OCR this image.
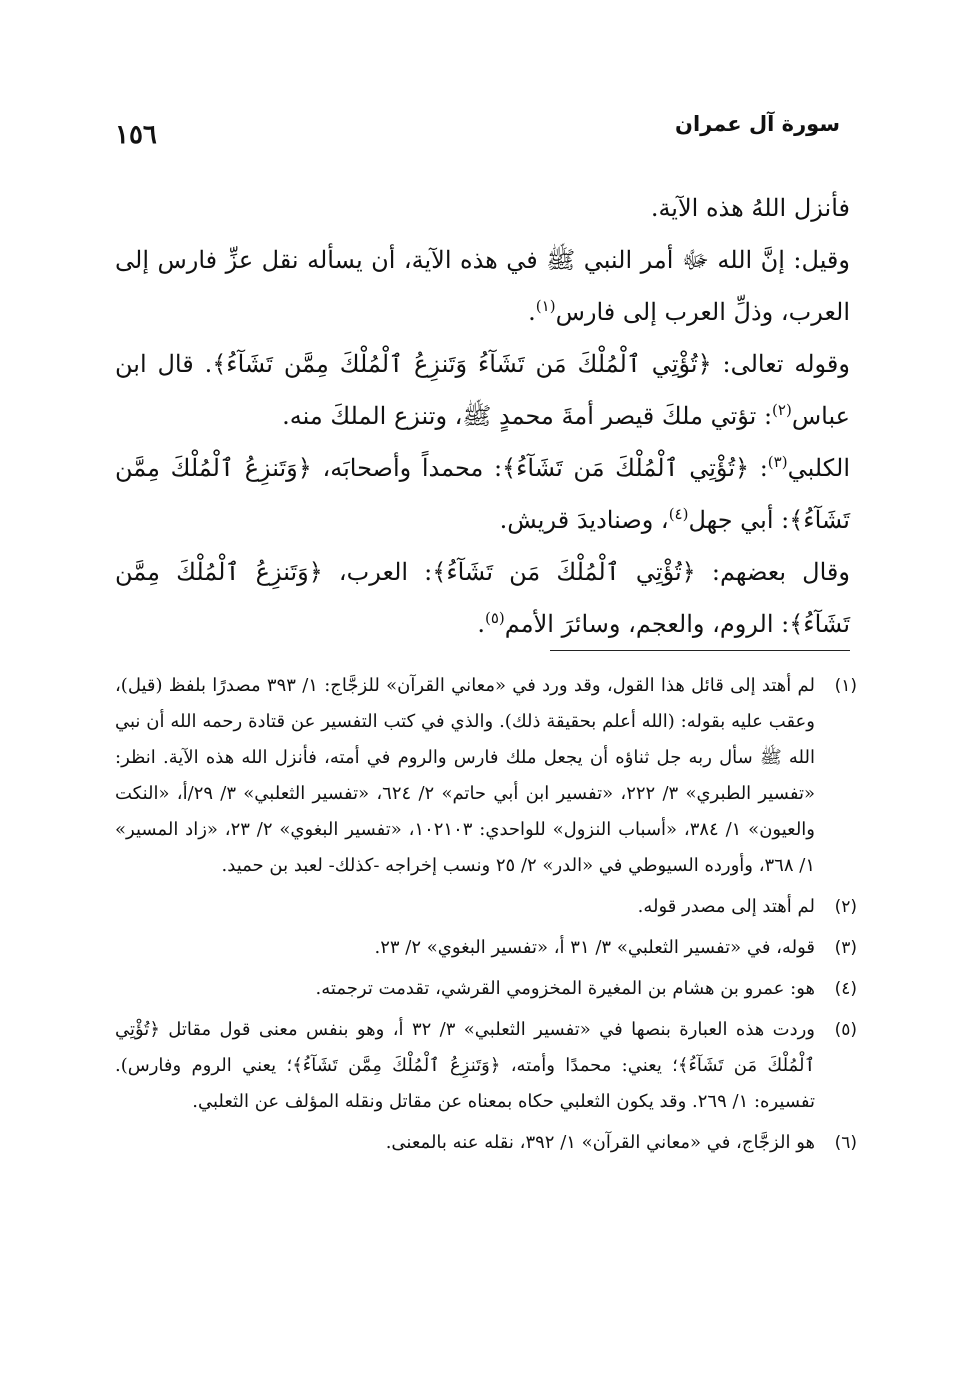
سورة آل عمران
١٥٦

فأنزل اللهُ هذه الآية.

وقيل: إنَّ الله ﷻ أمر النبي ﷺ في هذه الآية، أن يسأله نقل عزِّ فارس إلى العرب، وذلِّ العرب إلى فارس$^{(١)}$.

وقوله تعالى: ﴿تُؤْتِي ٱلْمُلْكَ مَن تَشَآءُ وَتَنزِعُ ٱلْمُلْكَ مِمَّن تَشَآءُ﴾. قال ابن عباس$^{(٢)}$: تؤتي ملكَ قيصر أمةَ محمدٍ ﷺ، وتنزع الملكَ منه.

الكلبي$^{(٣)}$: ﴿تُؤْتِي ٱلْمُلْكَ مَن تَشَآءُ﴾: محمداً وأصحابَه، ﴿وَتَنزِعُ ٱلْمُلْكَ مِمَّن تَشَآءُ﴾: أبي جهل$^{(٤)}$، وصناديدَ قريش.

وقال بعضهم: ﴿تُؤْتِي ٱلْمُلْكَ مَن تَشَآءُ﴾: العرب، ﴿وَتَنزِعُ ٱلْمُلْكَ مِمَّن تَشَآءُ﴾: الروم، والعجم، وسائرَ الأمم$^{(٥)}$.

(١)
لم أهتد إلى قائل هذا القول، وقد ورد في «معاني القرآن» للزجَّاج: ١/ ٣٩٣ مصدرًا بلفظ (قيل)، وعقب عليه بقوله: (الله أعلم بحقيقة ذلك). والذي في كتب التفسير عن قتادة رحمه الله أن نبي الله ﷺ سأل ربه جل ثناؤه أن يجعل ملك فارس والروم في أمته، فأنزل الله هذه الآية. انظر: «تفسير الطبري» ٣/ ٢٢٢، «تفسير ابن أبي حاتم» ٢/ ٦٢٤، «تفسير الثعلبي» ٣/ ٢٩/أ، «النكت والعيون» ١/ ٣٨٤، «أسباب النزول» للواحدي: ١٠٢١٠٣، «تفسير البغوي» ٢/ ٢٣، «زاد المسير» ١/ ٣٦٨، وأورده السيوطي في «الدر» ٢/ ٢٥ ونسب إخراجه -كذلك- لعبد بن حميد.
(٢)
لم أهتد إلى مصدر قوله.
(٣)
قوله، في «تفسير الثعلبي» ٣/ ٣١ أ، «تفسير البغوي» ٢/ ٢٣.
(٤)
هو: عمرو بن هشام بن المغيرة المخزومي القرشي، تقدمت ترجمته.
(٥)
وردت هذه العبارة بنصها في «تفسير الثعلبي» ٣/ ٣٢ أ، وهو بنفس معنى قول مقاتل ﴿تُؤْتِي ٱلْمُلْكَ مَن تَشَآءُ﴾؛ يعني: محمدًا وأمته، ﴿وَتَنزِعُ ٱلْمُلْكَ مِمَّن تَشَآءُ﴾؛ يعني الروم وفارس). تفسيره: ١/ ٢٦٩. وقد يكون الثعلبي حكاه بمعناه عن مقاتل ونقله المؤلف عن الثعلبي.
(٦)
هو الزجَّاج، في «معاني القرآن» ١/ ٣٩٢، نقله عنه بالمعنى.
